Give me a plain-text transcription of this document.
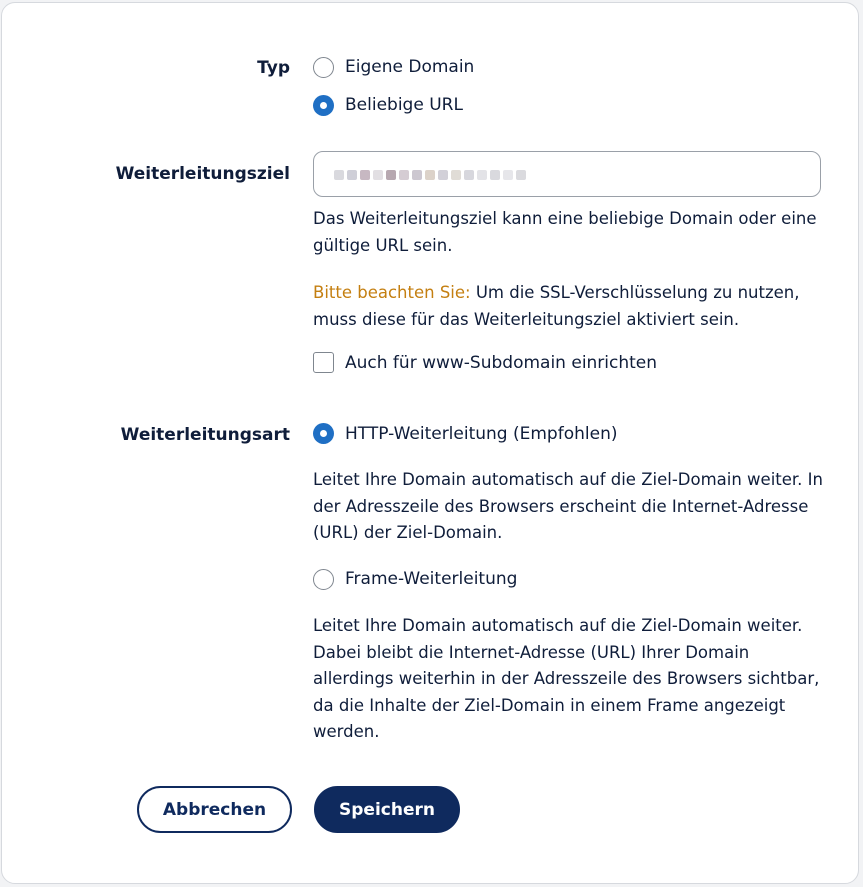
Typ	Eigene Domain
Beliebige URL
Weiterleitungsziel
Das Weiterleitungsziel kann eine beliebige Domain oder eine gültige URL sein.
Bitte beachten Sie: Um die SSL-Verschlüsselung zu nutzen, muss diese für das Weiterleitungsziel aktiviert sein.
Auch für www-Subdomain einrichten
Weiterleitungsart	HTTP-Weiterleitung (Empfohlen)
Leitet Ihre Domain automatisch auf die Ziel-Domain weiter. In der Adresszeile des Browsers erscheint die Internet-Adresse (URL) der Ziel-Domain.
Frame-Weiterleitung
Leitet Ihre Domain automatisch auf die Ziel-Domain weiter. Dabei bleibt die Internet-Adresse (URL) Ihrer Domain allerdings weiterhin in der Adresszeile des Browsers sichtbar, da die Inhalte der Ziel-Domain in einem Frame angezeigt werden.
Abbrechen	Speichern
